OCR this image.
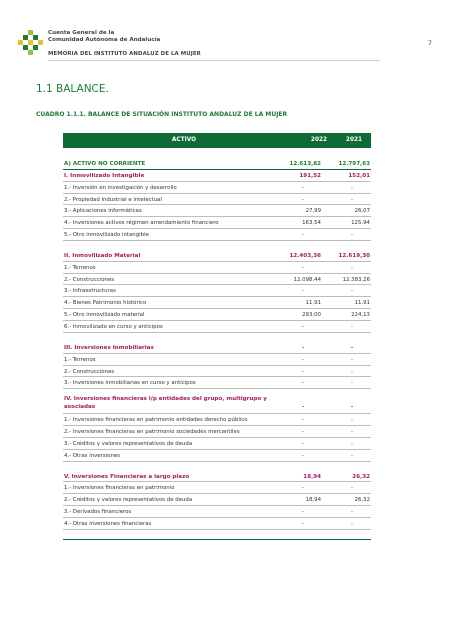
Cuenta General de la
Comunidad Autónoma de Andalucía
MEMORIA DEL INSTITUTO ANDALUZ DE LA MUJER
7
1.1 BALANCE.
CUADRO 1.1.1. BALANCE DE SITUACIÓN INSTITUTO ANDALUZ DE LA MUJER
ACTIVO	2022	2021
A) ACTIVO NO CORRIENTE	12.613,82	12.797,63
I. Inmovilizado Intangible	191,52	152,01
1.- Inversión en investigación y desarrollo	-	-
2.- Propiedad industrial e intelectual	-	-
3.- Aplicaciones informáticas	27,99	26,07
4.- Inversiones activos régimen arrendamiento financiero	163,54	125,94
5.- Otro inmovilizado intangible	-	-
II. Inmovilizado Material	12.403,36	12.619,30
1.- Terrenos	-	-
2.- Construcciones	12.098,44	12.383,26
3.- Infraestructuras	-	-
4.- Bienes Patrimonio histórico	11,91	11,91
5.- Otro inmovilizado material	293,00	224,13
6.- Inmovilizado en curso y anticipos	-	-
III. Inversiones Inmobiliarias	-	-
1.- Terrenos	-	-
2.- Construcciones	-	-
3.- Inversiones inmobiliarias en curso y anticipos	-	-
IV. Inversiones financieras l/p entidades del grupo, multigrupo y asociadas	-	-
1.- Inversiones financieras en patrimonio entidades derecho público	-	-
2.- Inversiones financieras en patrimonio sociedades mercantiles	-	-
3.- Créditos y valores representativos de deuda	-	-
4.- Otras inversiones	-	-
V. Inversiones Financieras a largo plazo	18,94	26,32
1.- Inversiones financieras en patrimonio	-	-
2.- Créditos y valores representativos de deuda	18,94	26,32
3.- Derivados financieros	-	-
4.- Otras inversiones financieras	-	-
